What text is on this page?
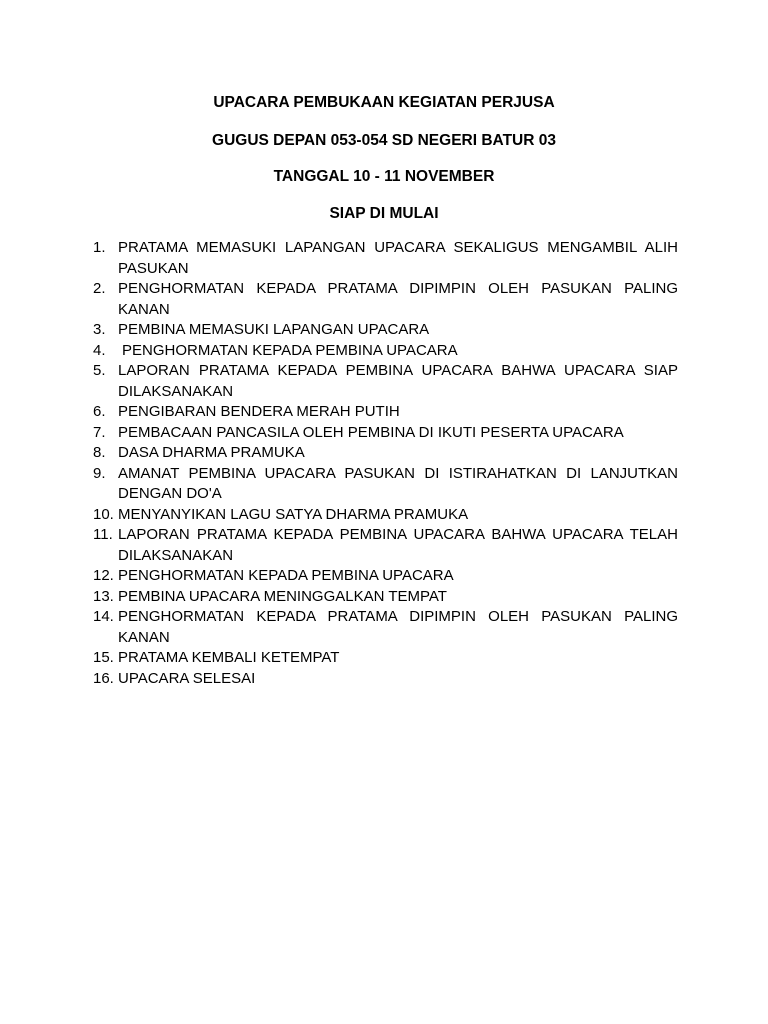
UPACARA PEMBUKAAN KEGIATAN PERJUSA
GUGUS DEPAN 053-054 SD NEGERI BATUR 03
TANGGAL 10 - 11 NOVEMBER
SIAP DI MULAI
1. PRATAMA MEMASUKI LAPANGAN UPACARA SEKALIGUS MENGAMBIL ALIH PASUKAN
2. PENGHORMATAN KEPADA PRATAMA DIPIMPIN OLEH PASUKAN PALING KANAN
3. PEMBINA MEMASUKI LAPANGAN UPACARA
4. PENGHORMATAN KEPADA PEMBINA UPACARA
5. LAPORAN PRATAMA KEPADA PEMBINA UPACARA BAHWA UPACARA SIAP DILAKSANAKAN
6. PENGIBARAN BENDERA MERAH PUTIH
7. PEMBACAAN PANCASILA OLEH PEMBINA DI IKUTI PESERTA UPACARA
8. DASA DHARMA PRAMUKA
9. AMANAT PEMBINA UPACARA PASUKAN DI ISTIRAHATKAN DI LANJUTKAN DENGAN DO'A
10. MENYANYIKAN LAGU SATYA DHARMA PRAMUKA
11. LAPORAN PRATAMA KEPADA PEMBINA UPACARA BAHWA UPACARA TELAH DILAKSANAKAN
12. PENGHORMATAN KEPADA PEMBINA UPACARA
13. PEMBINA UPACARA MENINGGALKAN TEMPAT
14. PENGHORMATAN KEPADA PRATAMA DIPIMPIN OLEH PASUKAN PALING KANAN
15. PRATAMA KEMBALI KETEMPAT
16. UPACARA SELESAI
